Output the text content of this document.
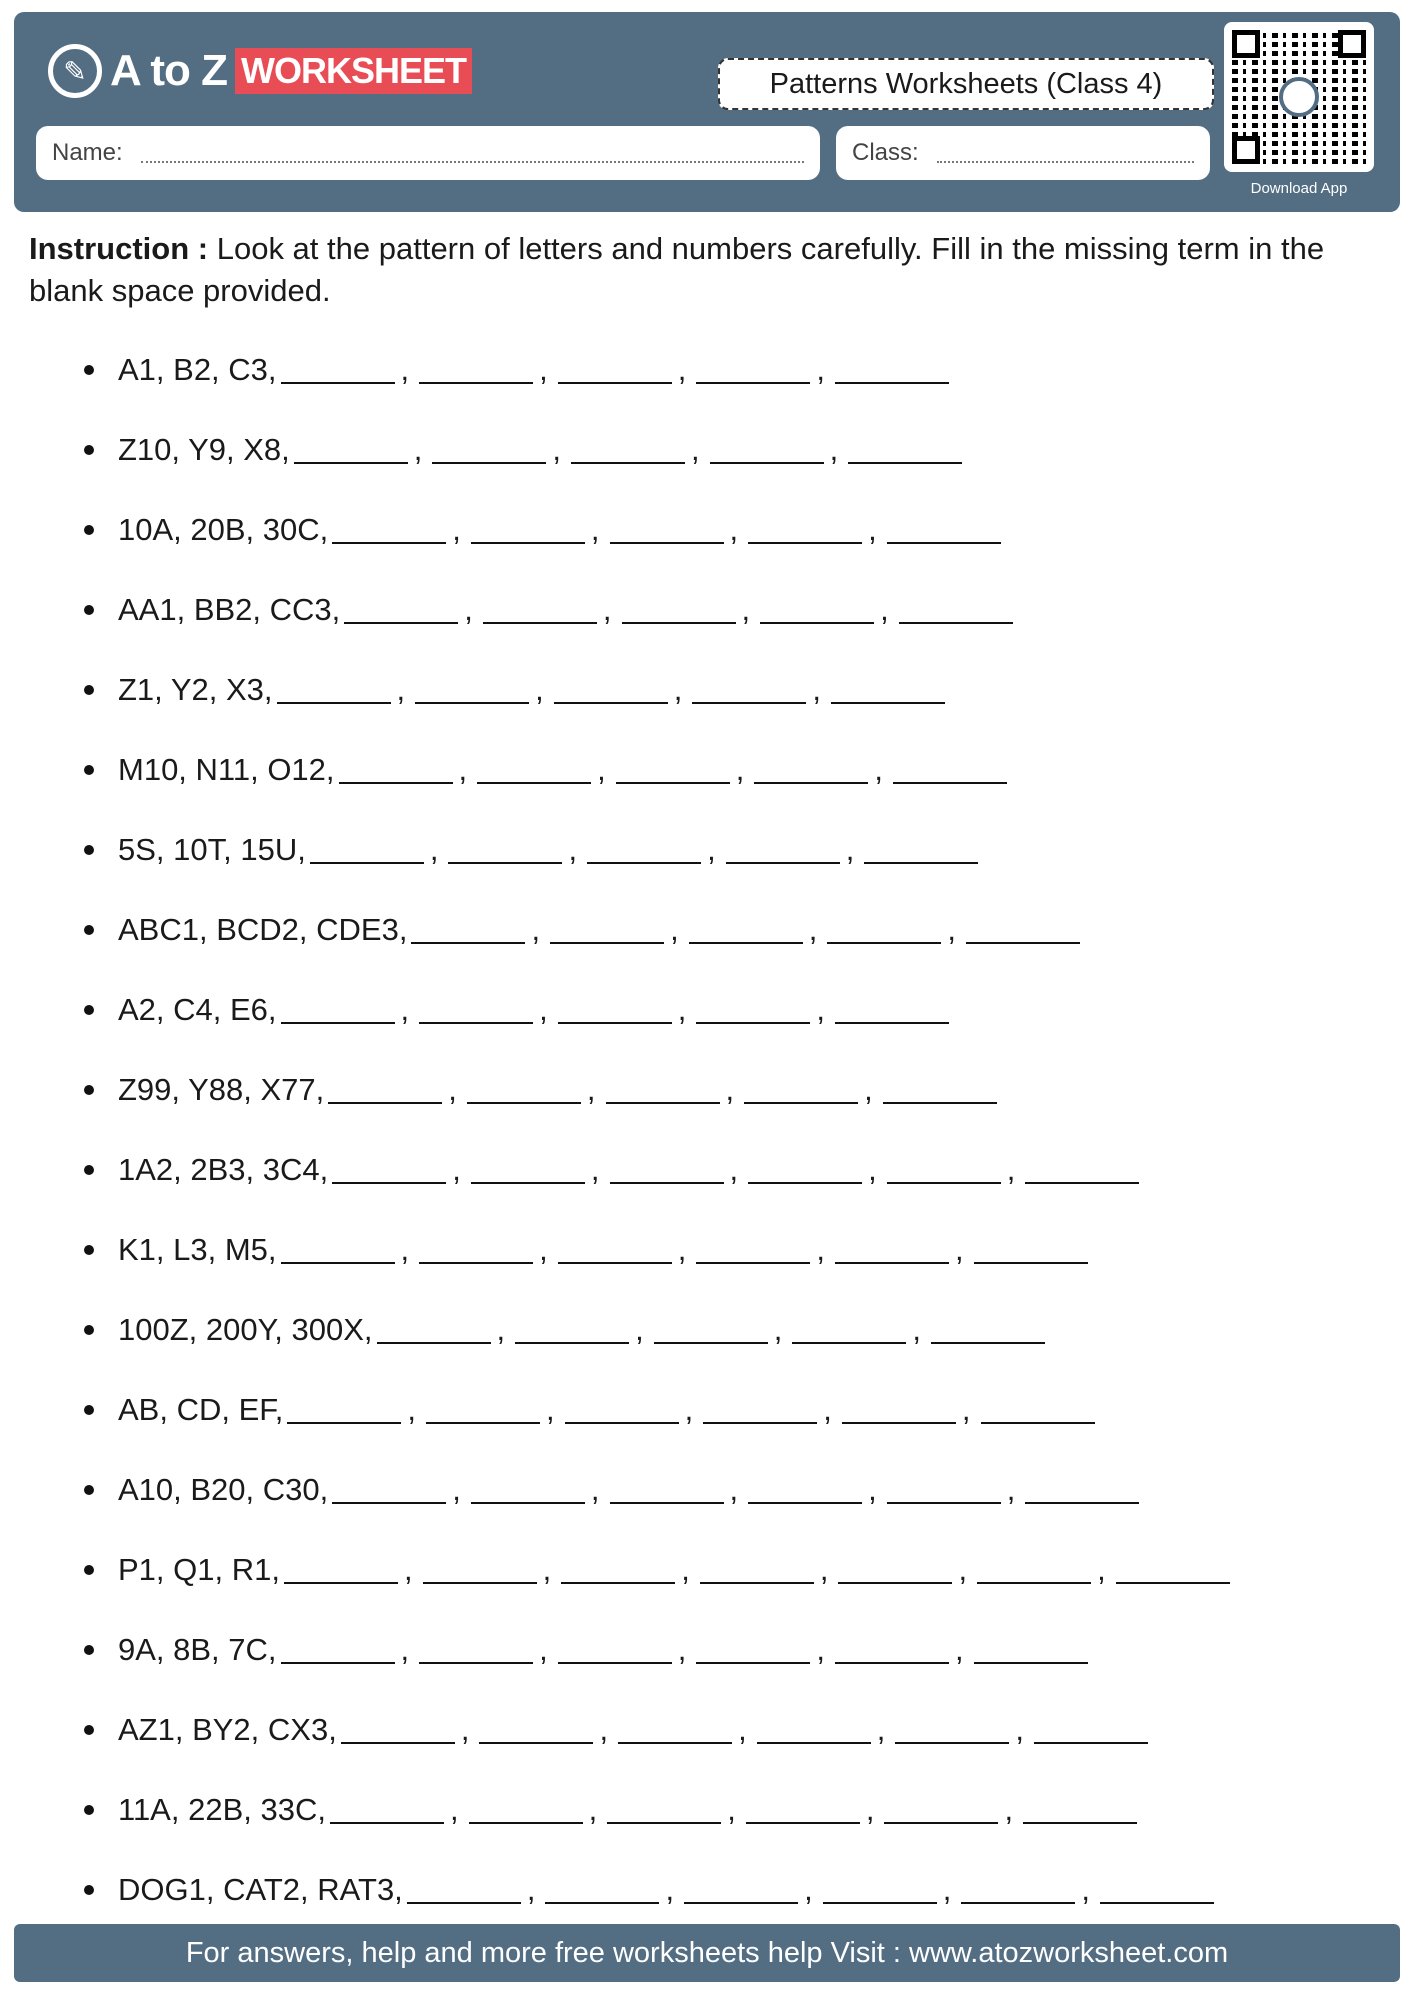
✎ A to Z WORKSHEET	Patterns Worksheets (Class 4)
Name:	Class:
Download App
Instruction : Look at the pattern of letters and numbers carefully. Fill in the missing term in the blank space provided.
A1, B2, C3,	,	,	,	,
Z10, Y9, X8,	,	,	,	,
10A, 20B, 30C,	,	,	,	,
AA1, BB2, CC3,	,	,	,	,
Z1, Y2, X3,	,	,	,	,
M10, N11, O12,	,	,	,	,
5S, 10T, 15U,	,	,	,	,
ABC1, BCD2, CDE3,	,	,	,	,
A2, C4, E6,	,	,	,	,
Z99, Y88, X77,	,	,	,	,
1A2, 2B3, 3C4,	,	,	,	,	,
K1, L3, M5,	,	,	,	,	,
100Z, 200Y, 300X,	,	,	,	,
AB, CD, EF,	,	,	,	,	,
A10, B20, C30,	,	,	,	,	,
P1, Q1, R1,	,	,	,	,	,	,
9A, 8B, 7C,	,	,	,	,	,
AZ1, BY2, CX3,	,	,	,	,	,
11A, 22B, 33C,	,	,	,	,	,
DOG1, CAT2, RAT3,	,	,	,	,	,
For answers, help and more free worksheets help Visit : www.atozworksheet.com
